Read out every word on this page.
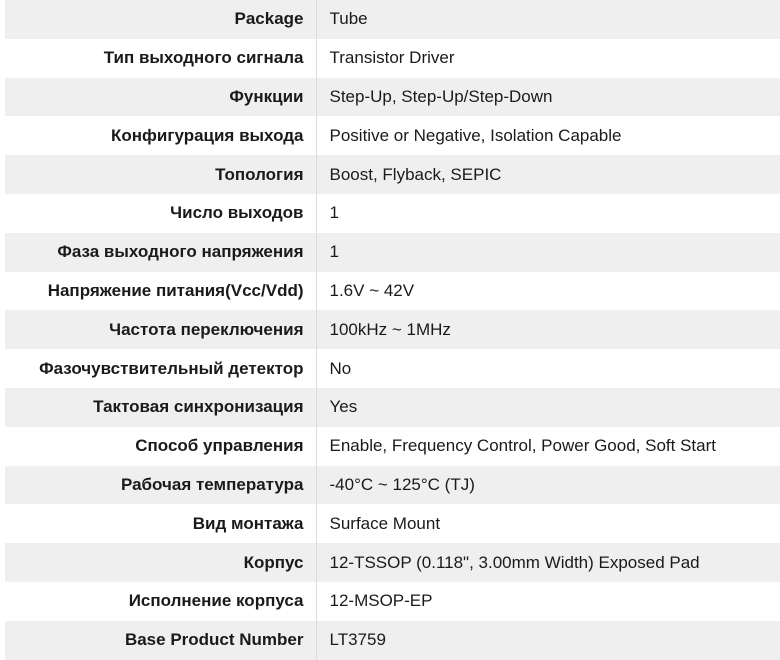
Package	Tube
Тип выходного сигнала	Transistor Driver
Функции	Step-Up, Step-Up/Step-Down
Конфигурация выхода	Positive or Negative, Isolation Capable
Топология	Boost, Flyback, SEPIC
Число выходов	1
Фаза выходного напряжения	1
Напряжение питания(Vcc/Vdd)	1.6V ~ 42V
Частота переключения	100kHz ~ 1MHz
Фазочувствительный детектор	No
Тактовая синхронизация	Yes
Способ управления	Enable, Frequency Control, Power Good, Soft Start
Рабочая температура	-40°C ~ 125°C (TJ)
Вид монтажа	Surface Mount
Корпус	12-TSSOP (0.118", 3.00mm Width) Exposed Pad
Исполнение корпуса	12-MSOP-EP
Base Product Number	LT3759
